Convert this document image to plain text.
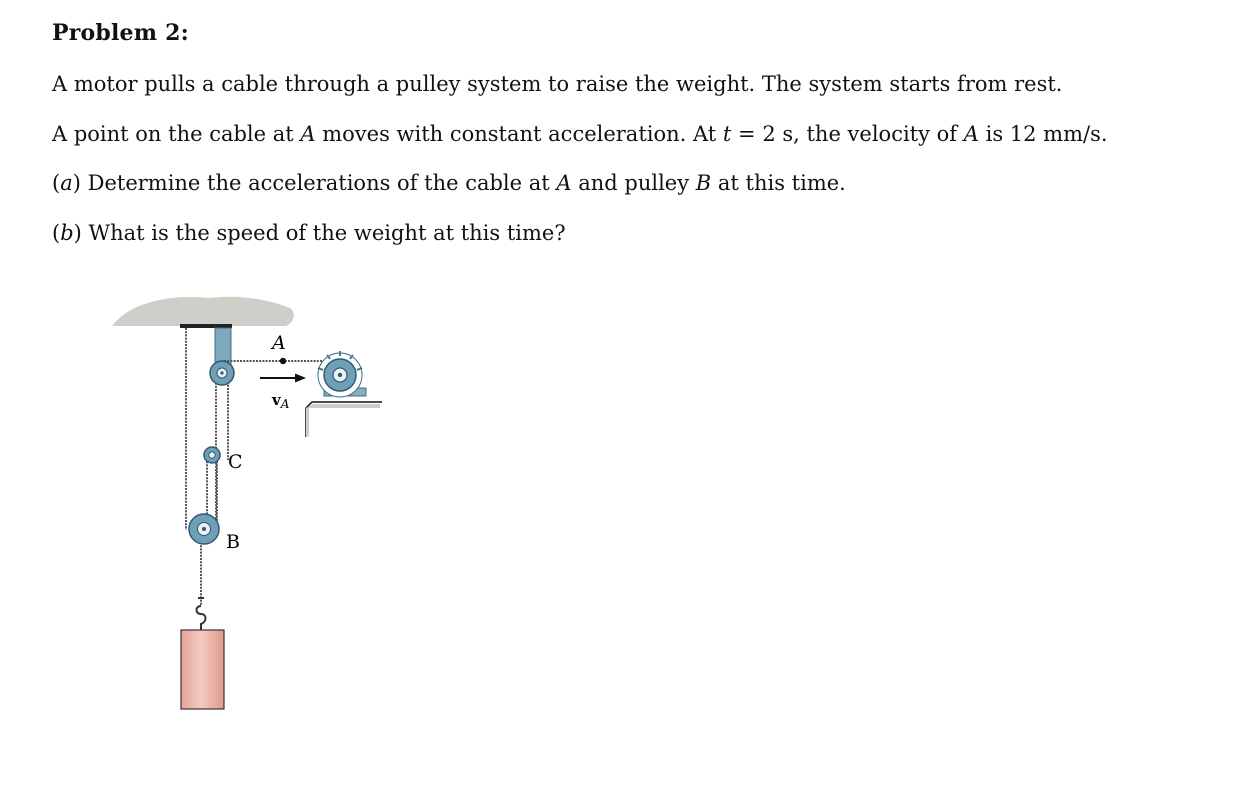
Problem 2:
A motor pulls a cable through a pulley system to raise the weight. The system starts from rest.
A point on the cable at A moves with constant acceleration. At t = 2 s, the velocity of A is 12 mm/s.
(a) Determine the accelerations of the cable at A and pulley B at this time.
(b) What is the speed of the weight at this time?
C
B
A
$v_A$
